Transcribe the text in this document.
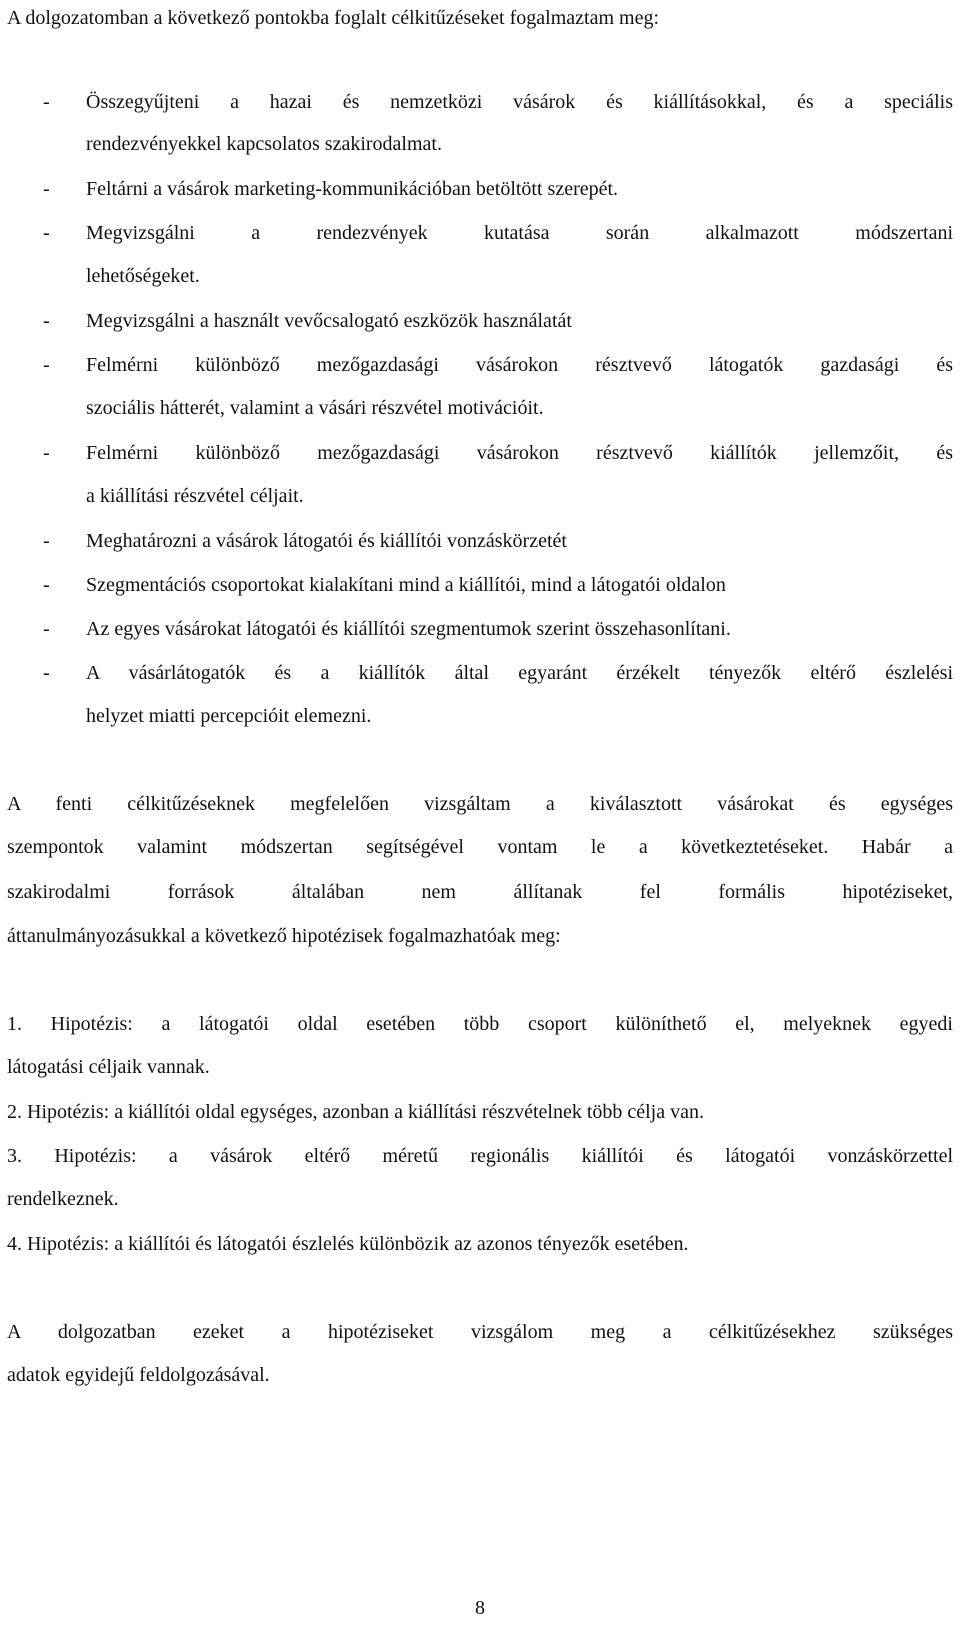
A dolgozatomban a következő pontokba foglalt célkitűzéseket fogalmaztam meg:
- Összegyűjteni a hazai és nemzetközi vásárok és kiállításokkal, és a speciális
rendezvényekkel kapcsolatos szakirodalmat.
- Feltárni a vásárok marketing-kommunikációban betöltött szerepét.
- Megvizsgálni a rendezvények kutatása során alkalmazott módszertani
lehetőségeket.
- Megvizsgálni a használt vevőcsalogató eszközök használatát
- Felmérni különböző mezőgazdasági vásárokon résztvevő látogatók gazdasági és
szociális hátterét, valamint a vásári részvétel motivációit.
- Felmérni különböző mezőgazdasági vásárokon résztvevő kiállítók jellemzőit, és
a kiállítási részvétel céljait.
- Meghatározni a vásárok látogatói és kiállítói vonzáskörzetét
- Szegmentációs csoportokat kialakítani mind a kiállítói, mind a látogatói oldalon
- Az egyes vásárokat látogatói és kiállítói szegmentumok szerint összehasonlítani.
- A vásárlátogatók és a kiállítók által egyaránt érzékelt tényezők eltérő észlelési
helyzet miatti percepcióit elemezni.
A fenti célkitűzéseknek megfelelően vizsgáltam a kiválasztott vásárokat és egységes
szempontok valamint módszertan segítségével vontam le a következtetéseket. Habár a
szakirodalmi források általában nem állítanak fel formális hipotéziseket,
áttanulmányozásukkal a következő hipotézisek fogalmazhatóak meg:
1. Hipotézis: a látogatói oldal esetében több csoport különíthető el, melyeknek egyedi
látogatási céljaik vannak.
2. Hipotézis: a kiállítói oldal egységes, azonban a kiállítási részvételnek több célja van.
3. Hipotézis: a vásárok eltérő méretű regionális kiállítói és látogatói vonzáskörzettel
rendelkeznek.
4. Hipotézis: a kiállítói és látogatói észlelés különbözik az azonos tényezők esetében.
A dolgozatban ezeket a hipotéziseket vizsgálom meg a célkitűzésekhez szükséges
adatok egyidejű feldolgozásával.
8
